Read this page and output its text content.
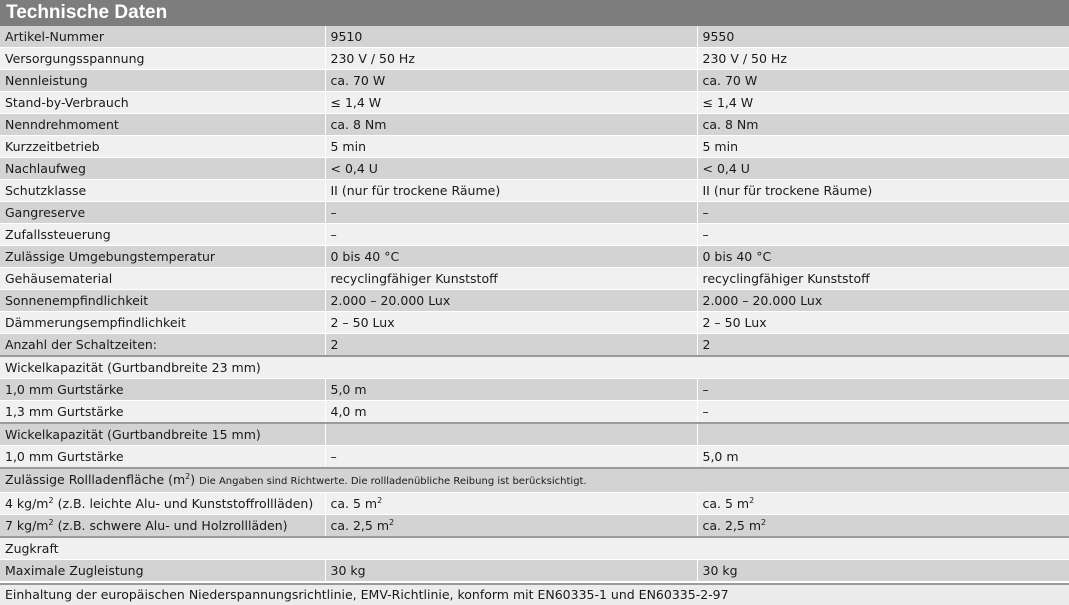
Technische Daten
Artikel-Nummer	9510	9550
Versorgungsspannung	230 V / 50 Hz	230 V / 50 Hz
Nennleistung	ca. 70 W	ca. 70 W
Stand-by-Verbrauch	≤ 1,4 W	≤ 1,4 W
Nenndrehmoment	ca. 8 Nm	ca. 8 Nm
Kurzzeitbetrieb	5 min	5 min
Nachlaufweg	< 0,4 U	< 0,4 U
Schutzklasse	II (nur für trockene Räume)	II (nur für trockene Räume)
Gangreserve	–	–
Zufallssteuerung	–	–
Zulässige Umgebungstemperatur	0 bis 40 °C	0 bis 40 °C
Gehäusematerial	recyclingfähiger Kunststoff	recyclingfähiger Kunststoff
Sonnenempfindlichkeit	2.000 – 20.000 Lux	2.000 – 20.000 Lux
Dämmerungsempfindlichkeit	2 – 50 Lux	2 – 50 Lux
Anzahl der Schaltzeiten:	2	2
Wickelkapazität (Gurtbandbreite 23 mm)		
1,0 mm Gurtstärke	5,0 m	–
1,3 mm Gurtstärke	4,0 m	–
Wickelkapazität (Gurtbandbreite 15 mm)		
1,0 mm Gurtstärke	–	5,0 m
Zulässige Rollladenfläche $(m^2)$ Die Angaben sind Richtwerte. Die rollladenübliche Reibung ist berücksichtigt.		
4 $kg/m^2$ (z.B. leichte Alu- und Kunststoffrollläden)	ca. 5 $m^2$	ca. 5 $m^2$
7 $kg/m^2$ (z.B. schwere Alu- und Holzrollläden)	ca. 2,5 $m^2$	ca. 2,5 $m^2$
Zugkraft		
Maximale Zugleistung	30 kg	30 kg
Einhaltung der europäischen Niederspannungsrichtlinie, EMV-Richtlinie, konform mit EN60335-1 und EN60335-2-97
